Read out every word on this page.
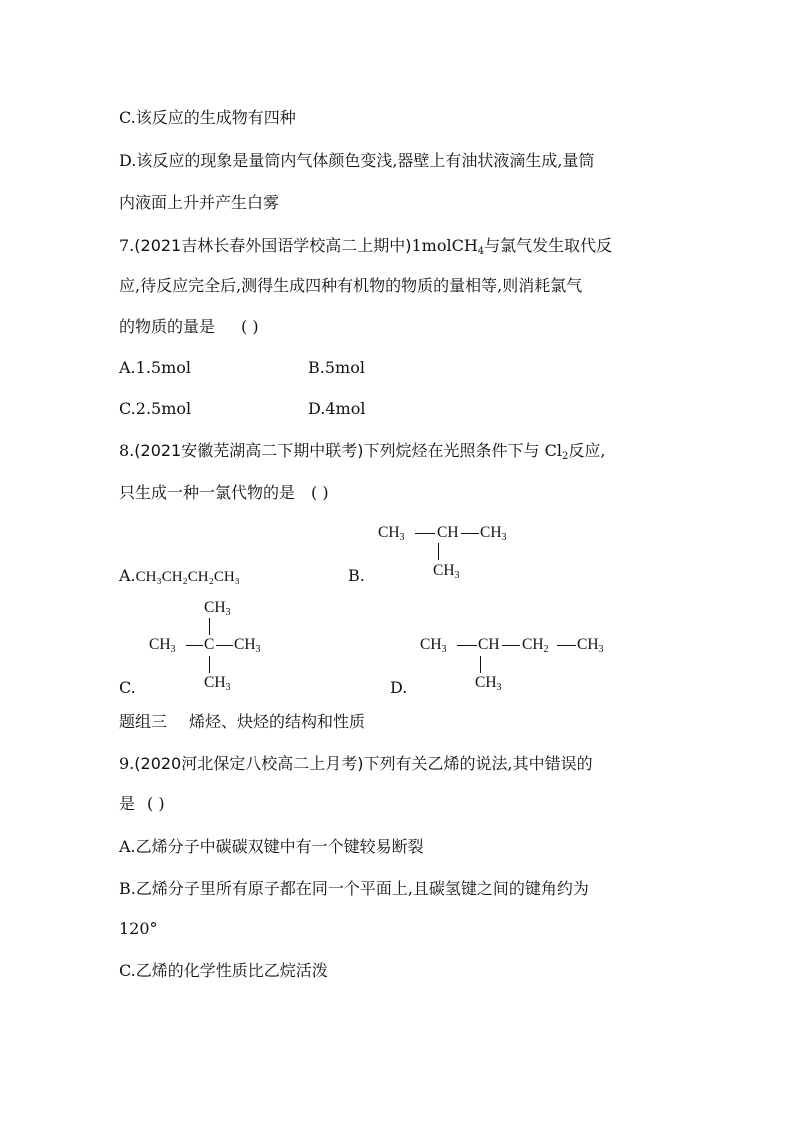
C.该反应的生成物有四种
D.该反应的现象是量筒内气体颜色变浅,器壁上有油状液滴生成,量筒
内液面上升并产生白雾
7.(2021吉林长春外国语学校高二上期中)1molCH$_4$与氯气发生取代反
应,待反应完全后,测得生成四种有机物的物质的量相等,则消耗氯气
的物质的量是 ( )
A.1.5mol	B.5mol
C.2.5mol	D.4mol
8.(2021安徽芜湖高二下期中联考)下列烷烃在光照条件下与 $Cl_2$反应,
只生成一种一氯代物的是 ( )
A.CH₃CH₂CH₂CH₃	B.
$CH_3$ CH $CH_3$
$CH_3$
C.
$CH_3$
$CH_3$ C $CH_3$
$CH_3$	D.
$CH_3$ CH $CH_2$ $CH_3$
$CH_3$
题组三 烯烃、炔烃的结构和性质
9.(2020河北保定八校高二上月考)下列有关乙烯的说法,其中错误的
是 ( )
A.乙烯分子中碳碳双键中有一个键较易断裂
B.乙烯分子里所有原子都在同一个平面上,且碳氢键之间的键角约为
120°
C.乙烯的化学性质比乙烷活泼
